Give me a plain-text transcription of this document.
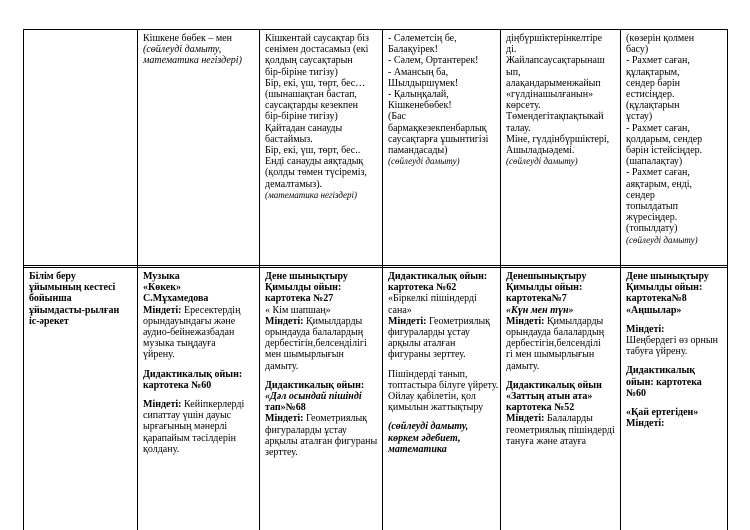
Кішкене бөбек – мен
(сөйлеуді дамыту,
математика негіздері)
Кішкентай саусақтар біз
сенімен достасамыз (екі
қолдың саусақтарын
бір-біріне тигізу)
Бір, екі, үш, төрт, бес…
(шынашақтан бастап,
саусақтарды кезекпен
бір-біріне тигізу)
Қайтадан санауды
бастаймыз.
Бір, екі, үш, төрт, бес..
Енді санауды аяқтадық
(қолды төмен түсіреміз,
демалтамыз).
(математика негіздері)
- Сәлеметсің бе,
Балақуірек!
- Сәлем, Ортантерек!
- Амансың ба,
Шылдыршүмек!
- Қалыңқалай,
Кішкенебөбек!
(Бас
бармақкезекпенбарлық
саусақтарға ұшынтигізі
памандасады)
(сөйлеуді дамыту)
діңбүршіктерінкелтіре
ді.
Жайлапсаусақтарынаш
ып,
алақандарыменжайып
«гүлдінашылғанын»
көрсету.
Төмендегітақпақтыкай
талау.
Міне, гүлдінбүршіктері,
Ашыладыәдемі.
(сөйлеуді дамыту)
(көзерін қолмен
басу)
- Рахмет саған,
құлақтарым,
сендер бәрін
естисіңдер.
(құлақтарын
ұстау)
- Рахмет саған,
қолдарым, сендер
бәрін істейсіңдер.
(шапалақтау)
- Рахмет саған,
аяқтарым, енді,
сендер
топылдатып
жүресіңдер.
(топылдату)
(сөйлеуді дамыту)
Білім беру
ұйымының кестесі
бойынша
ұйымдасты-рылған
іс-әрекет
Музыка
«Көкек»
С.Мұхамедова
Міндеті: Ересектердің
орындауындағы және
аудио-бейнежазбадан
музыка тыңдауға
үйрену.
Дидактикалық ойын:
картотека №60
Міндеті: Кейіпкерлерді
сипаттау үшін дауыс
ырғағының мәнерлі
қарапайым тәсілдерін
қолдану.
Дене шынықтыру
Қимылды ойын:
картотека №27
« Кім шапшаң»
Міндеті: Қимылдарды
орындауда балалардың
дербестігін,белсенділігі
мен шымырлығын
дамыту.
Дидактикалық ойын:
«Дәл осындай пішінді
тап»№68
Міндеті: Геометриялық
фигураларды ұстау
арқылы аталған фигураны
зерттеу.
Дидактикалық ойын:
картотека №62
«Біркелкі пішіндерді
сана»
Міндеті: Геометриялық
фигураларды ұстау
арқылы аталған
фигураны зерттеу.
Пішіндерді танып,
топтастыра білуге үйрету.
Ойлау қабілетін, қол
қимылын жаттықтыру
(сөйлеуді дамыту,
көркем әдебиет,
математика
Денешынықтыру
Қимылды ойын:
картотека№7
«Күн мен түн»
Міндеті: Қимылдарды
орындауда балалардың
дербестігін,белсенділі
гі мен шымырлығын
дамыту.
Дидактикалық ойын
«Заттың атын ата»
картотека №52
Міндеті: Балаларды
геометриялық пішіндерді
тануға және атауға
Дене шынықтыру
Қимылды ойын:
картотека№8
«Аңшылар»
Міндеті:
Шеңбердегі өз орнын
табуға үйрену.
Дидактикалық
ойын: картотека
№60
«Қай ертегіден»
Міндеті:
